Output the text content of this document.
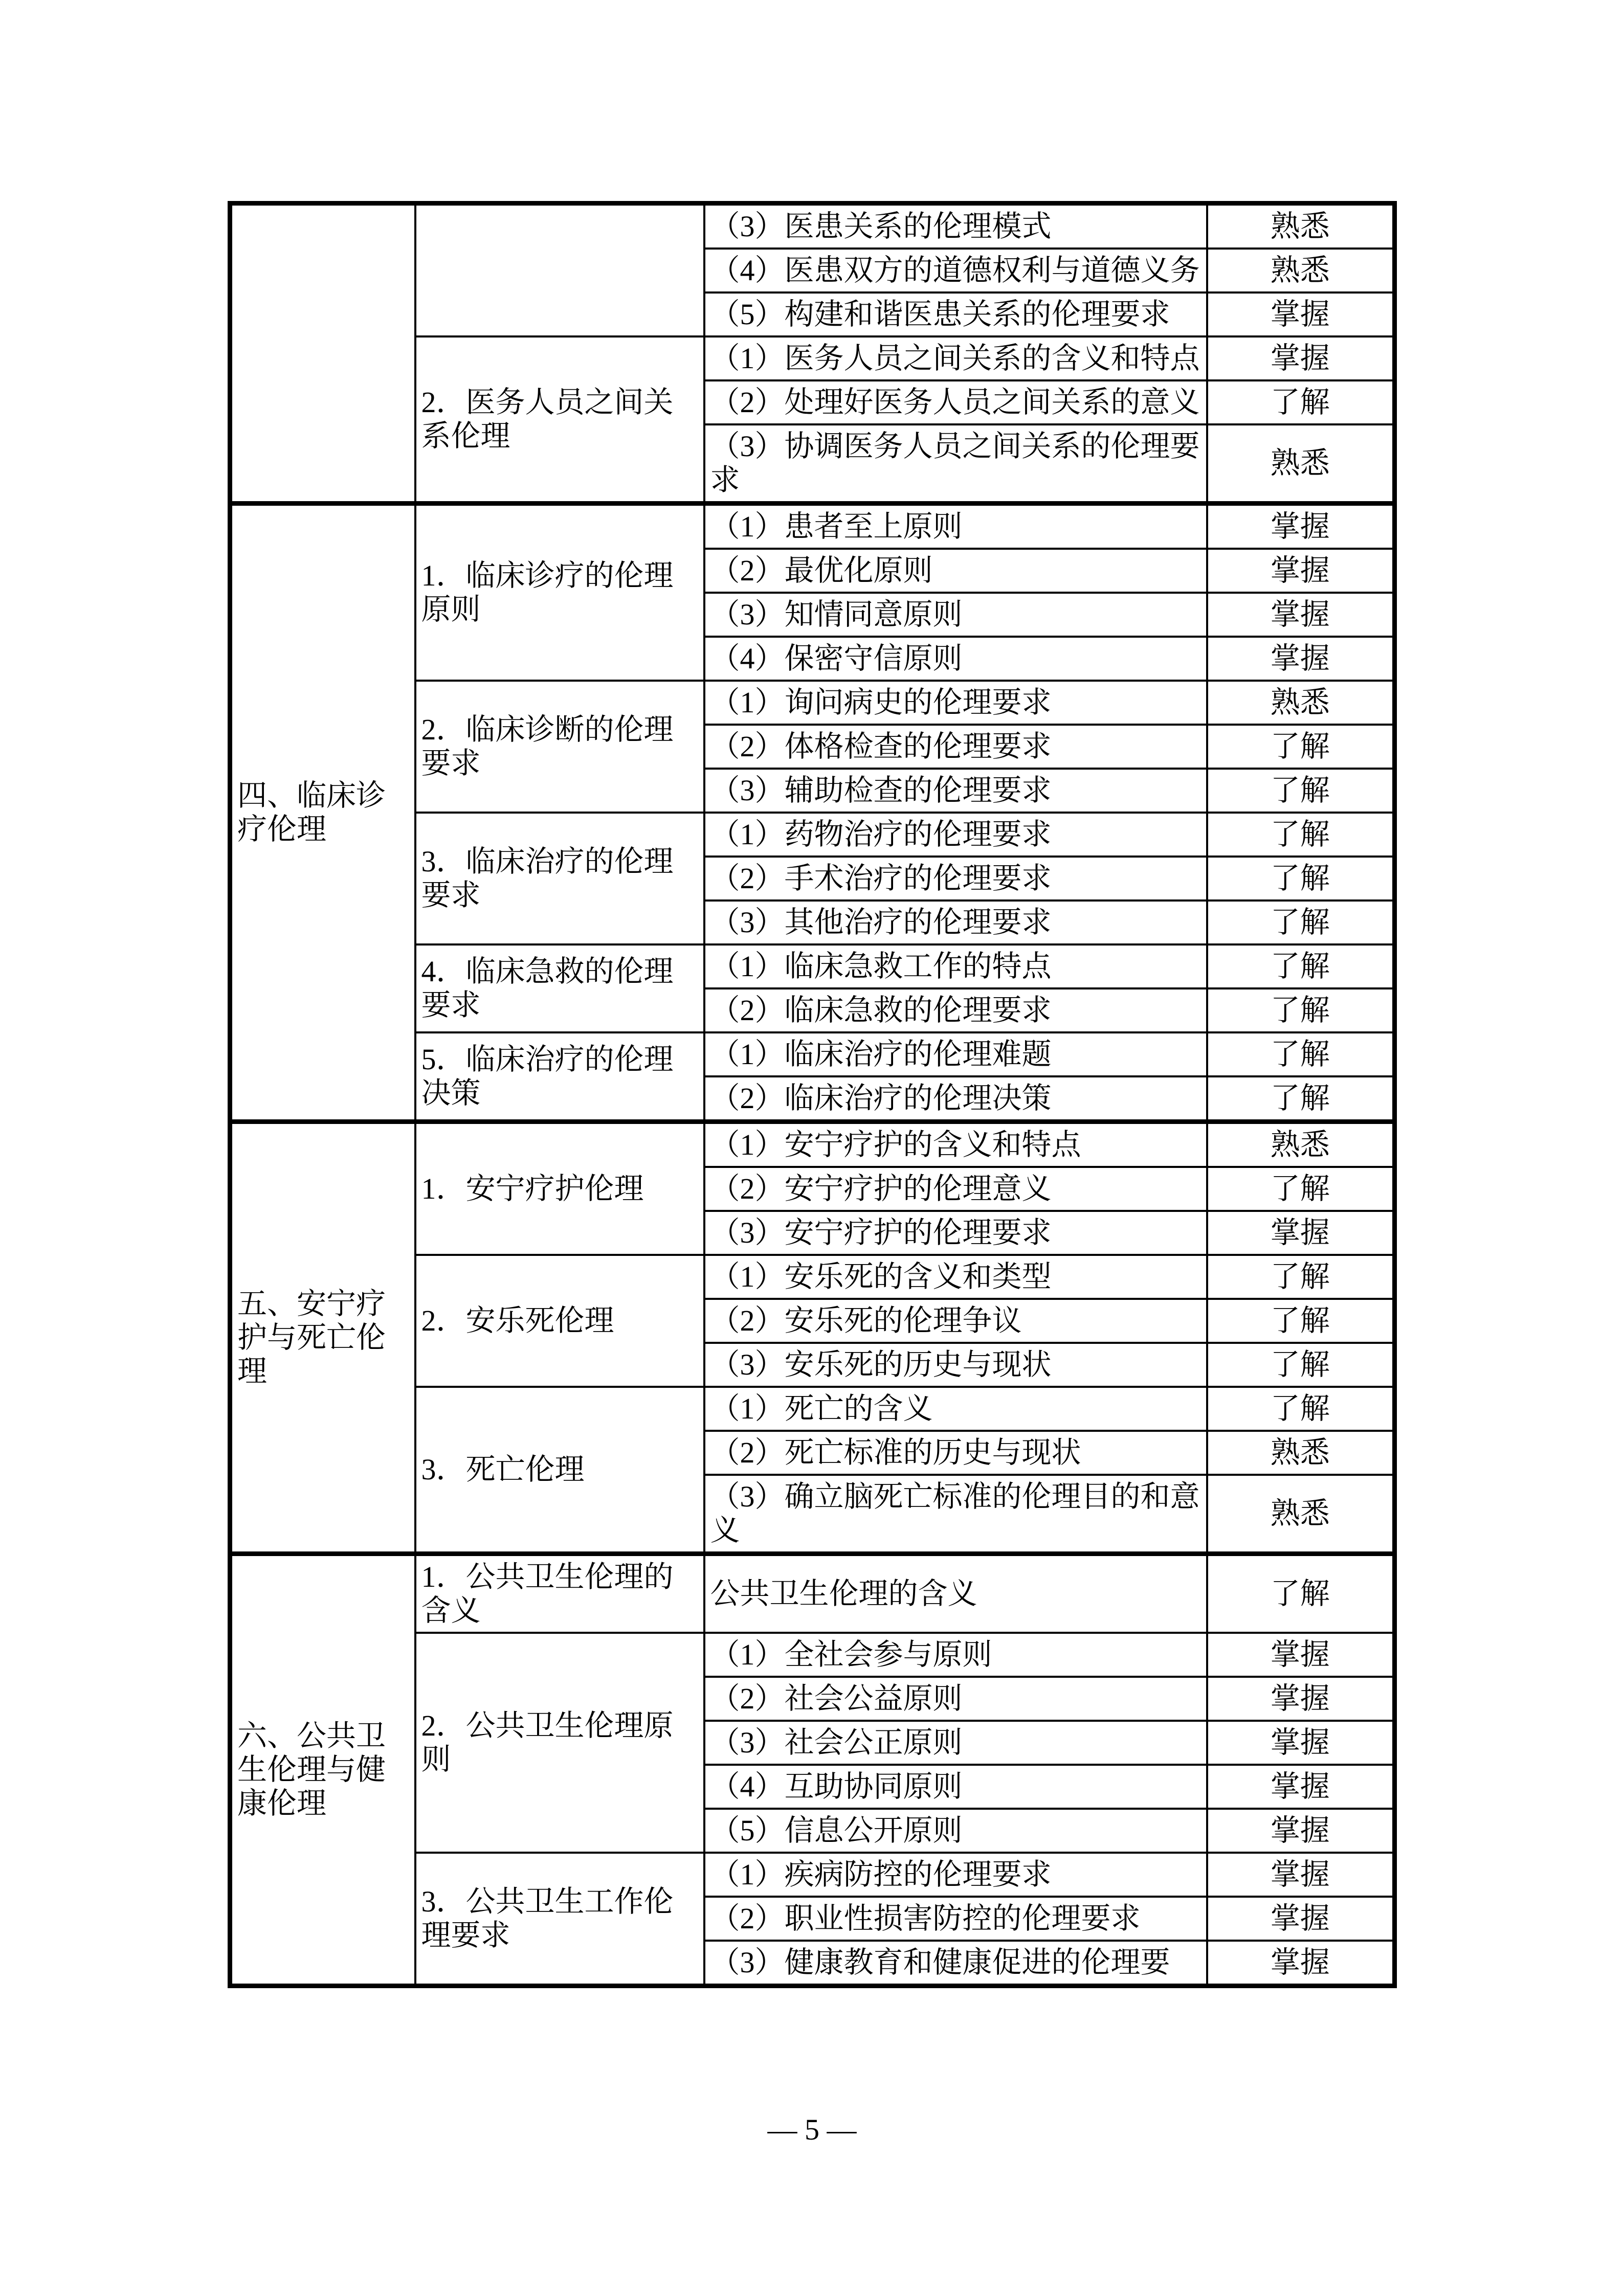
		（3）医患关系的伦理模式	熟悉
		（4）医患双方的道德权利与道德义务	熟悉
		（5）构建和谐医患关系的伦理要求	掌握
	2．医务人员之间关系伦理	（1）医务人员之间关系的含义和特点	掌握
		（2）处理好医务人员之间关系的意义	了解
		（3）协调医务人员之间关系的伦理要求	熟悉
四、临床诊疗伦理	1．临床诊疗的伦理原则	（1）患者至上原则	掌握
		（2）最优化原则	掌握
		（3）知情同意原则	掌握
		（4）保密守信原则	掌握
	2．临床诊断的伦理要求	（1）询问病史的伦理要求	熟悉
		（2）体格检查的伦理要求	了解
		（3）辅助检查的伦理要求	了解
	3．临床治疗的伦理要求	（1）药物治疗的伦理要求	了解
		（2）手术治疗的伦理要求	了解
		（3）其他治疗的伦理要求	了解
	4．临床急救的伦理要求	（1）临床急救工作的特点	了解
		（2）临床急救的伦理要求	了解
	5．临床治疗的伦理决策	（1）临床治疗的伦理难题	了解
		（2）临床治疗的伦理决策	了解
五、安宁疗护与死亡伦理	1．安宁疗护伦理	（1）安宁疗护的含义和特点	熟悉
		（2）安宁疗护的伦理意义	了解
		（3）安宁疗护的伦理要求	掌握
	2．安乐死伦理	（1）安乐死的含义和类型	了解
		（2）安乐死的伦理争议	了解
		（3）安乐死的历史与现状	了解
	3．死亡伦理	（1）死亡的含义	了解
		（2）死亡标准的历史与现状	熟悉
		（3）确立脑死亡标准的伦理目的和意义	熟悉
六、公共卫生伦理与健康伦理	1．公共卫生伦理的含义	公共卫生伦理的含义	了解
	2．公共卫生伦理原则	（1）全社会参与原则	掌握
		（2）社会公益原则	掌握
		（3）社会公正原则	掌握
		（4）互助协同原则	掌握
		（5）信息公开原则	掌握
	3．公共卫生工作伦理要求	（1）疾病防控的伦理要求	掌握
		（2）职业性损害防控的伦理要求	掌握
		（3）健康教育和健康促进的伦理要	掌握
— 5 —
